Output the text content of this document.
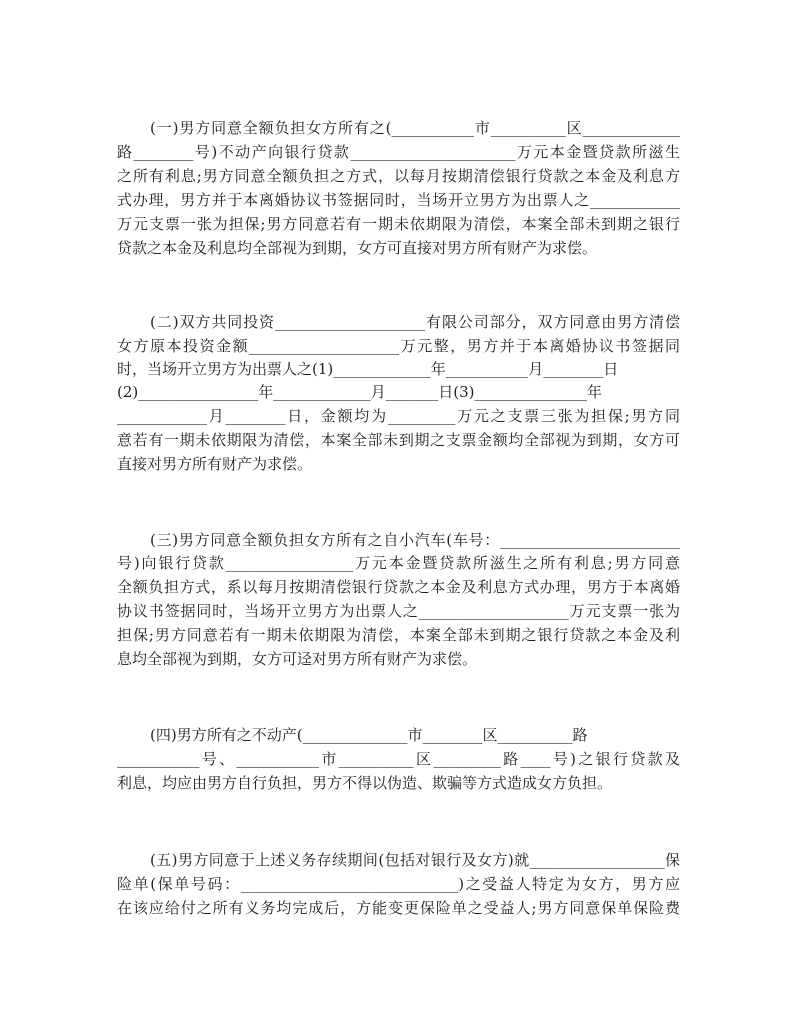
(一)男方同意全额负担女方所有之(___________市__________区_____________
路________号)不动产向银行贷款______________________万元本金暨贷款所滋生
之所有利息;男方同意全额负担之方式，以每月按期清偿银行贷款之本金及利息方
式办理，男方并于本离婚协议书签据同时，当场开立男方为出票人之____________
万元支票一张为担保;男方同意若有一期未依期限为清偿，本案全部未到期之银行
贷款之本金及利息均全部视为到期，女方可直接对男方所有财产为求偿。
(二)双方共同投资____________________有限公司部分，双方同意由男方清偿
女方原本投资金额____________________万元整，男方并于本离婚协议书签据同
时，当场开立男方为出票人之(1)_____________年___________月________日
(2)________________年_____________月_______日(3)_______________年
____________月________日，金额均为_________万元之支票三张为担保;男方同
意若有一期未依期限为清偿，本案全部未到期之支票金额均全部视为到期，女方可
直接对男方所有财产为求偿。
(三)男方同意全额负担女方所有之自小汽车(车号：________________________
号)向银行贷款_________________万元本金暨贷款所滋生之所有利息;男方同意
全额负担方式，系以每月按期清偿银行贷款之本金及利息方式办理，男方于本离婚
协议书签据同时，当场开立男方为出票人之____________________万元支票一张为
担保;男方同意若有一期未依期限为清偿，本案全部未到期之银行贷款之本金及利
息均全部视为到期，女方可迳对男方所有财产为求偿。
(四)男方所有之不动产(______________市________区__________路
___________号、___________市__________区_________路____号)之银行贷款及
利息，均应由男方自行负担，男方不得以伪造、欺骗等方式造成女方负担。
(五)男方同意于上述义务存续期间(包括对银行及女方)就__________________保
险单(保单号码：_____________________________)之受益人特定为女方，男方应
在该应给付之所有义务均完成后，方能变更保险单之受益人;男方同意保单保险费
